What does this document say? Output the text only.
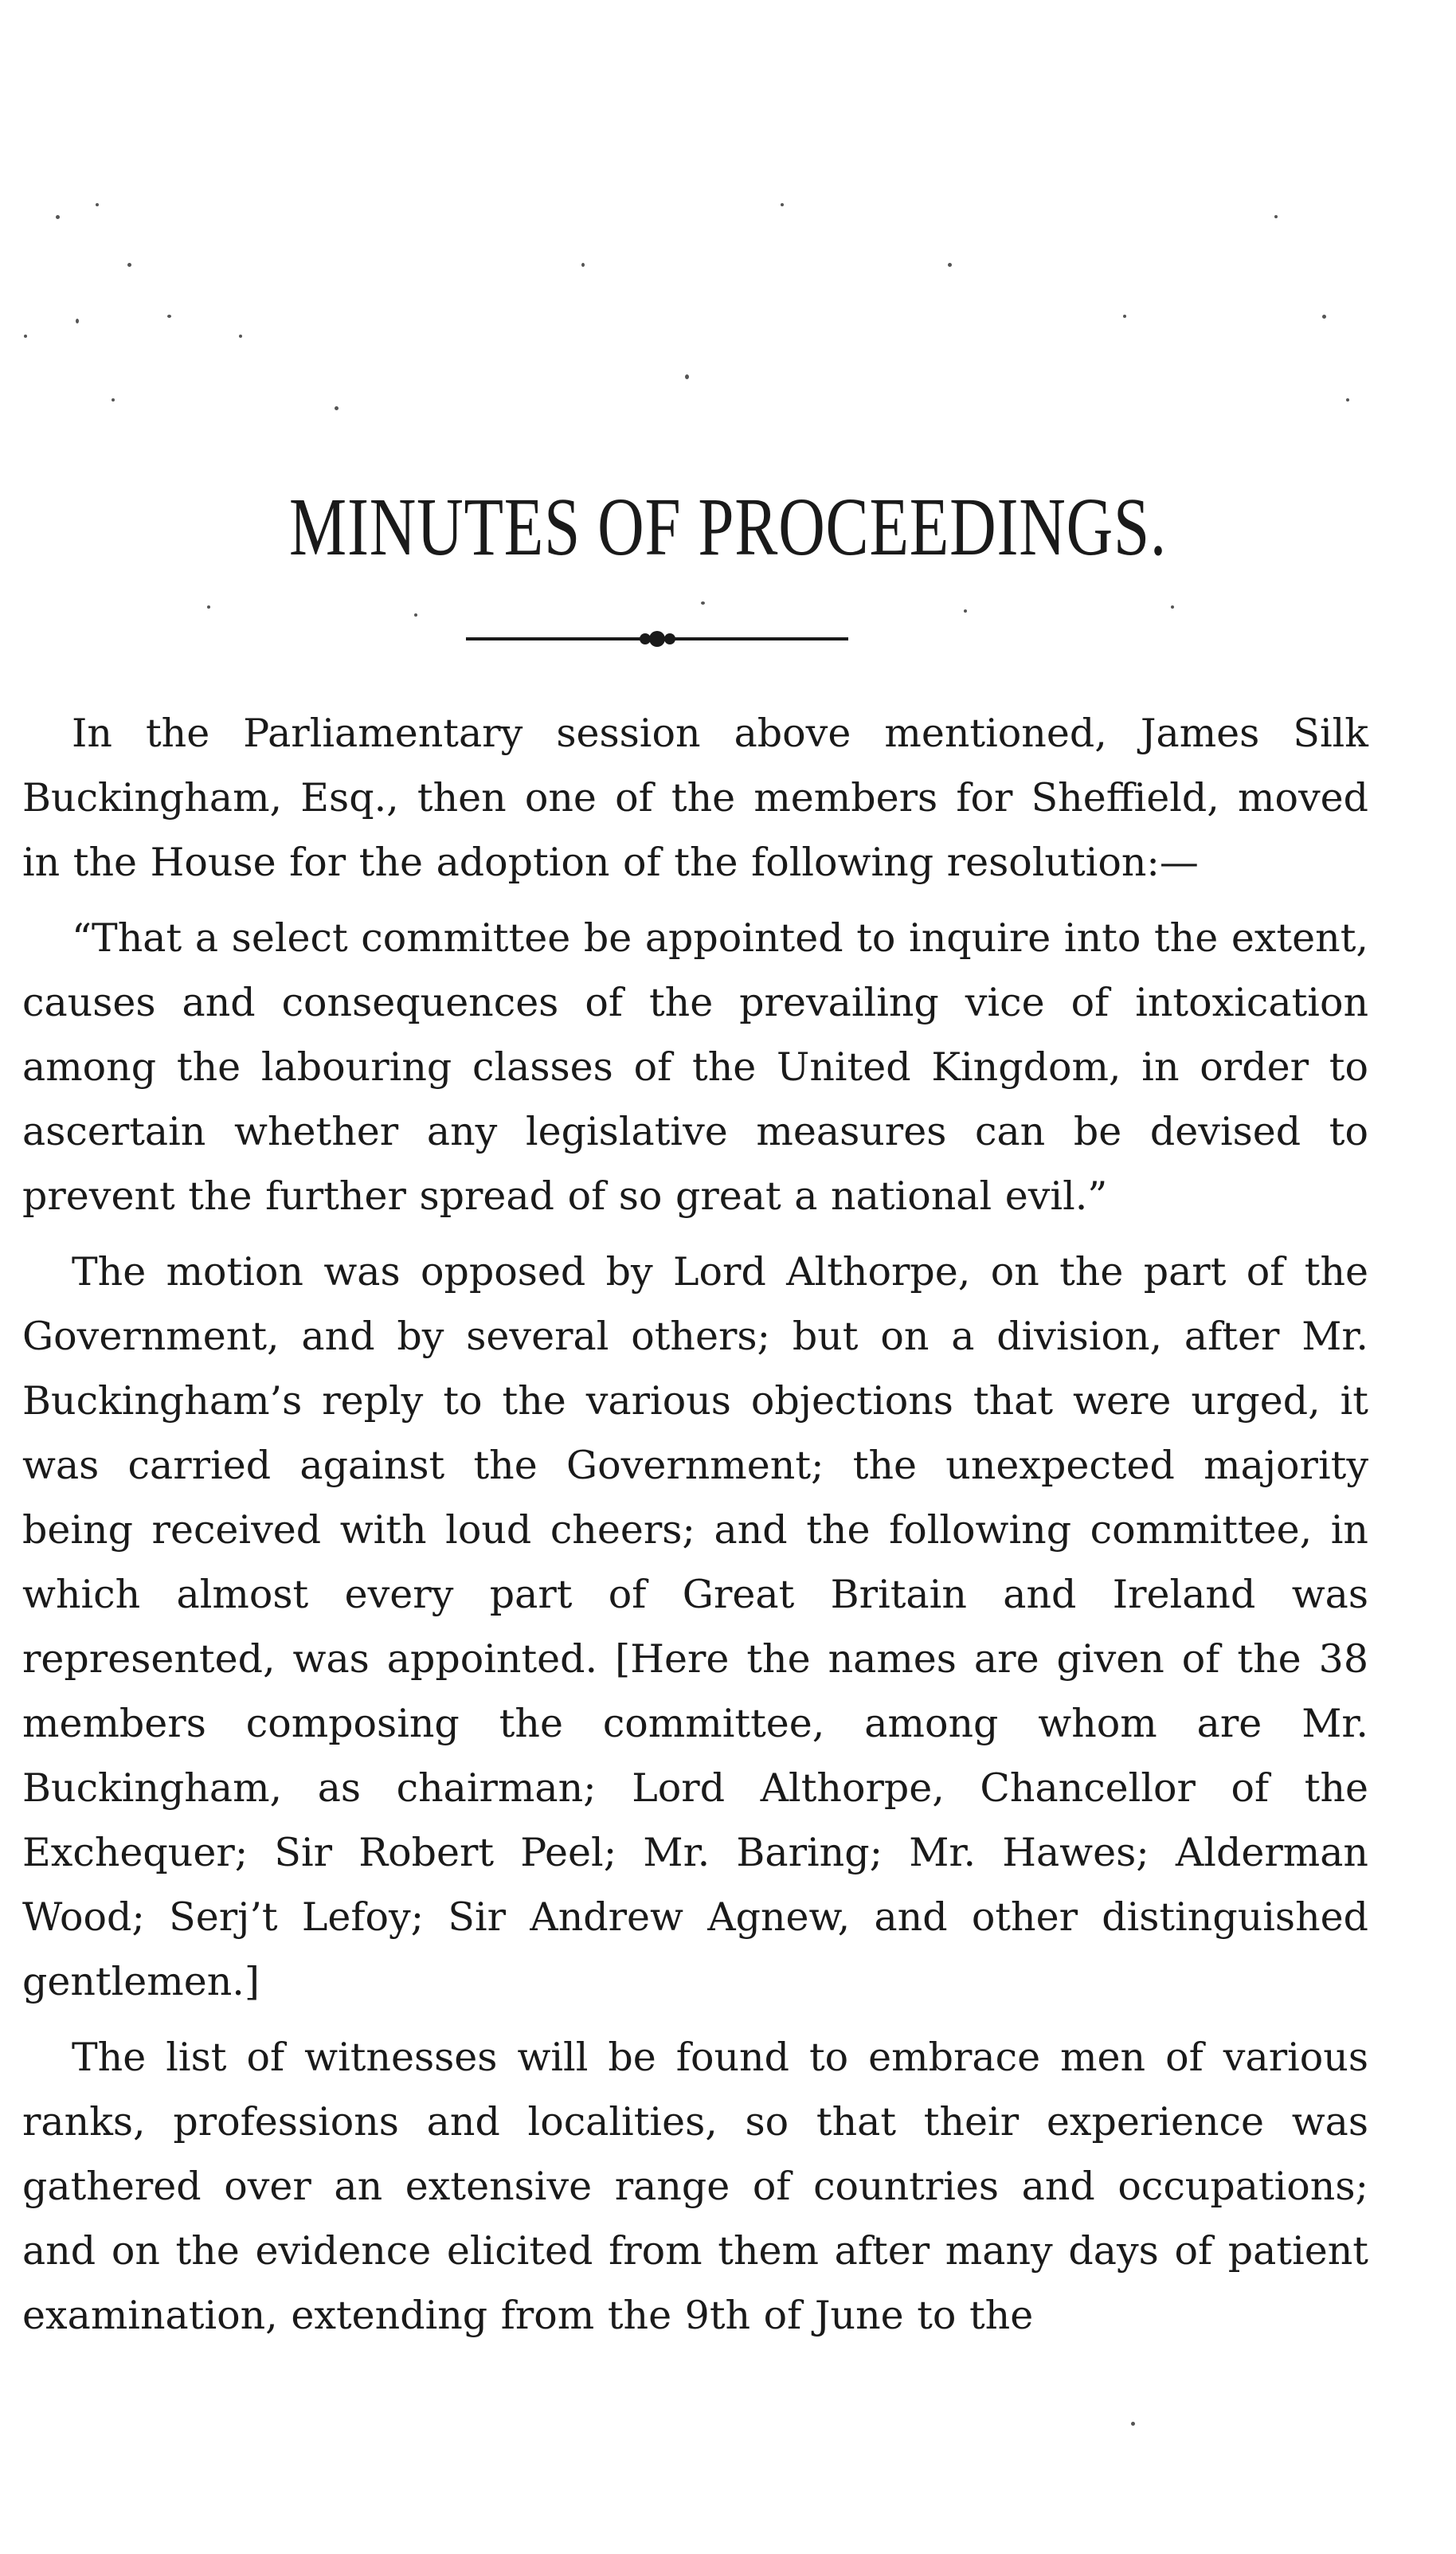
MINUTES OF PROCEEDINGS.

In the Parliamentary session above mentioned, James Silk Buckingham, Esq., then one of the members for Sheffield, moved in the House for the adoption of the following resolution:—

“That a select committee be appointed to inquire into the extent, causes and consequences of the prevailing vice of intoxication among the labouring classes of the United Kingdom, in order to ascertain whether any legislative measures can be devised to prevent the further spread of so great a national evil.”

The motion was opposed by Lord Althorpe, on the part of the Government, and by several others; but on a division, after Mr. Buckingham’s reply to the various objections that were urged, it was carried against the Government; the unexpected majority being received with loud cheers; and the following committee, in which almost every part of Great Britain and Ireland was represented, was appointed. [Here the names are given of the 38 members composing the committee, among whom are Mr. Buckingham, as chairman; Lord Althorpe, Chancellor of the Exchequer; Sir Robert Peel; Mr. Baring; Mr. Hawes; Alderman Wood; Serj’t Lefoy; Sir Andrew Agnew, and other distinguished gentlemen.]

The list of witnesses will be found to embrace men of various ranks, professions and localities, so that their experience was gathered over an extensive range of countries and occupations; and on the evidence elicited from them after many days of patient examination, extending from the 9th of June to the
